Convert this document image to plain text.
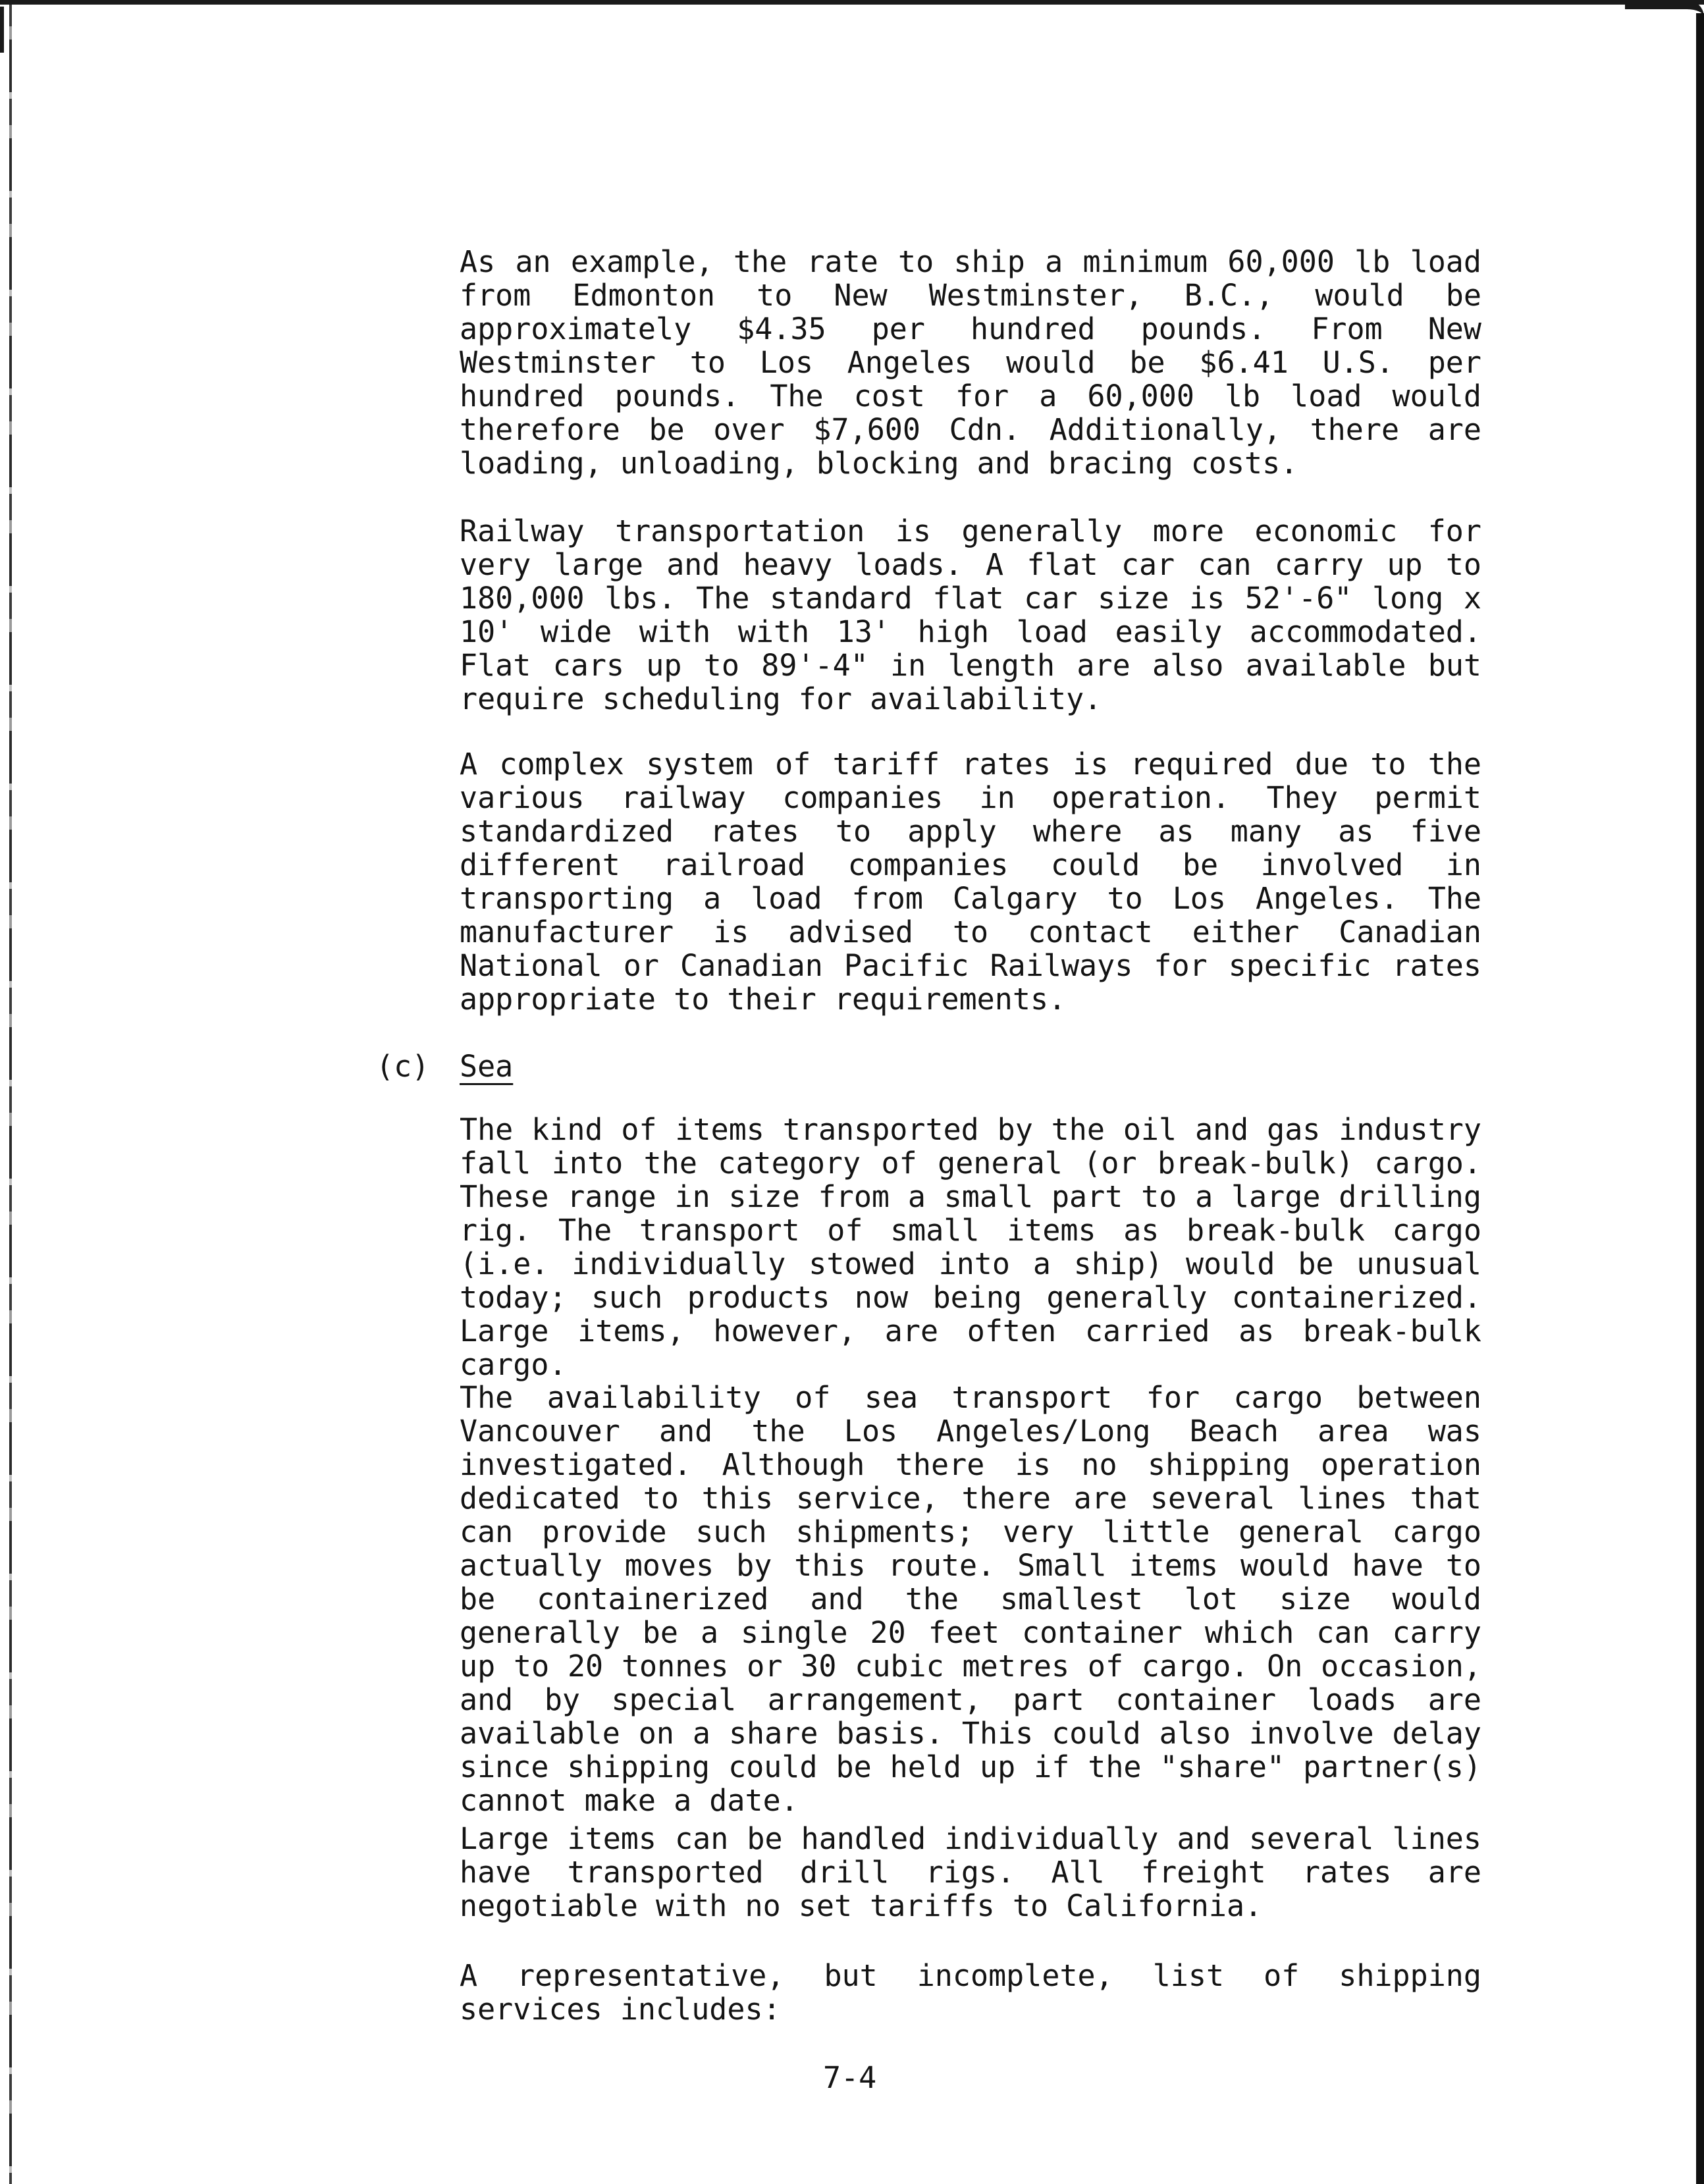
As an example, the rate to ship a minimum 60,000 lb load from Edmonton to New Westminster, B.C., would be approximately $4.35 per hundred pounds. From New Westminster to Los Angeles would be $6.41 U.S. per hundred pounds. The cost for a 60,000 lb load would therefore be over $7,600 Cdn. Additionally, there are loading, unloading, blocking and bracing costs.

Railway transportation is generally more economic for very large and heavy loads. A flat car can carry up to 180,000 lbs. The standard flat car size is 52'-6" long x 10' wide with with 13' high load easily accommodated. Flat cars up to 89'-4" in length are also available but require scheduling for availability.

A complex system of tariff rates is required due to the various railway companies in operation. They permit standardized rates to apply where as many as five different railroad companies could be involved in transporting a load from Calgary to Los Angeles. The manufacturer is advised to contact either Canadian National or Canadian Pacific Railways for specific rates appropriate to their requirements.

(c) Sea

The kind of items transported by the oil and gas industry fall into the category of general (or break-bulk) cargo. These range in size from a small part to a large drilling rig. The transport of small items as break-bulk cargo (i.e. individually stowed into a ship) would be unusual today; such products now being generally containerized. Large items, however, are often carried as break-bulk cargo.

The availability of sea transport for cargo between Vancouver and the Los Angeles/Long Beach area was investigated. Although there is no shipping operation dedicated to this service, there are several lines that can provide such shipments; very little general cargo actually moves by this route. Small items would have to be containerized and the smallest lot size would generally be a single 20 feet container which can carry up to 20 tonnes or 30 cubic metres of cargo. On occasion, and by special arrangement, part container loads are available on a share basis. This could also involve delay since shipping could be held up if the "share" partner(s) cannot make a date.

Large items can be handled individually and several lines have transported drill rigs. All freight rates are negotiable with no set tariffs to California.

A representative, but incomplete, list of shipping services includes:

7-4
